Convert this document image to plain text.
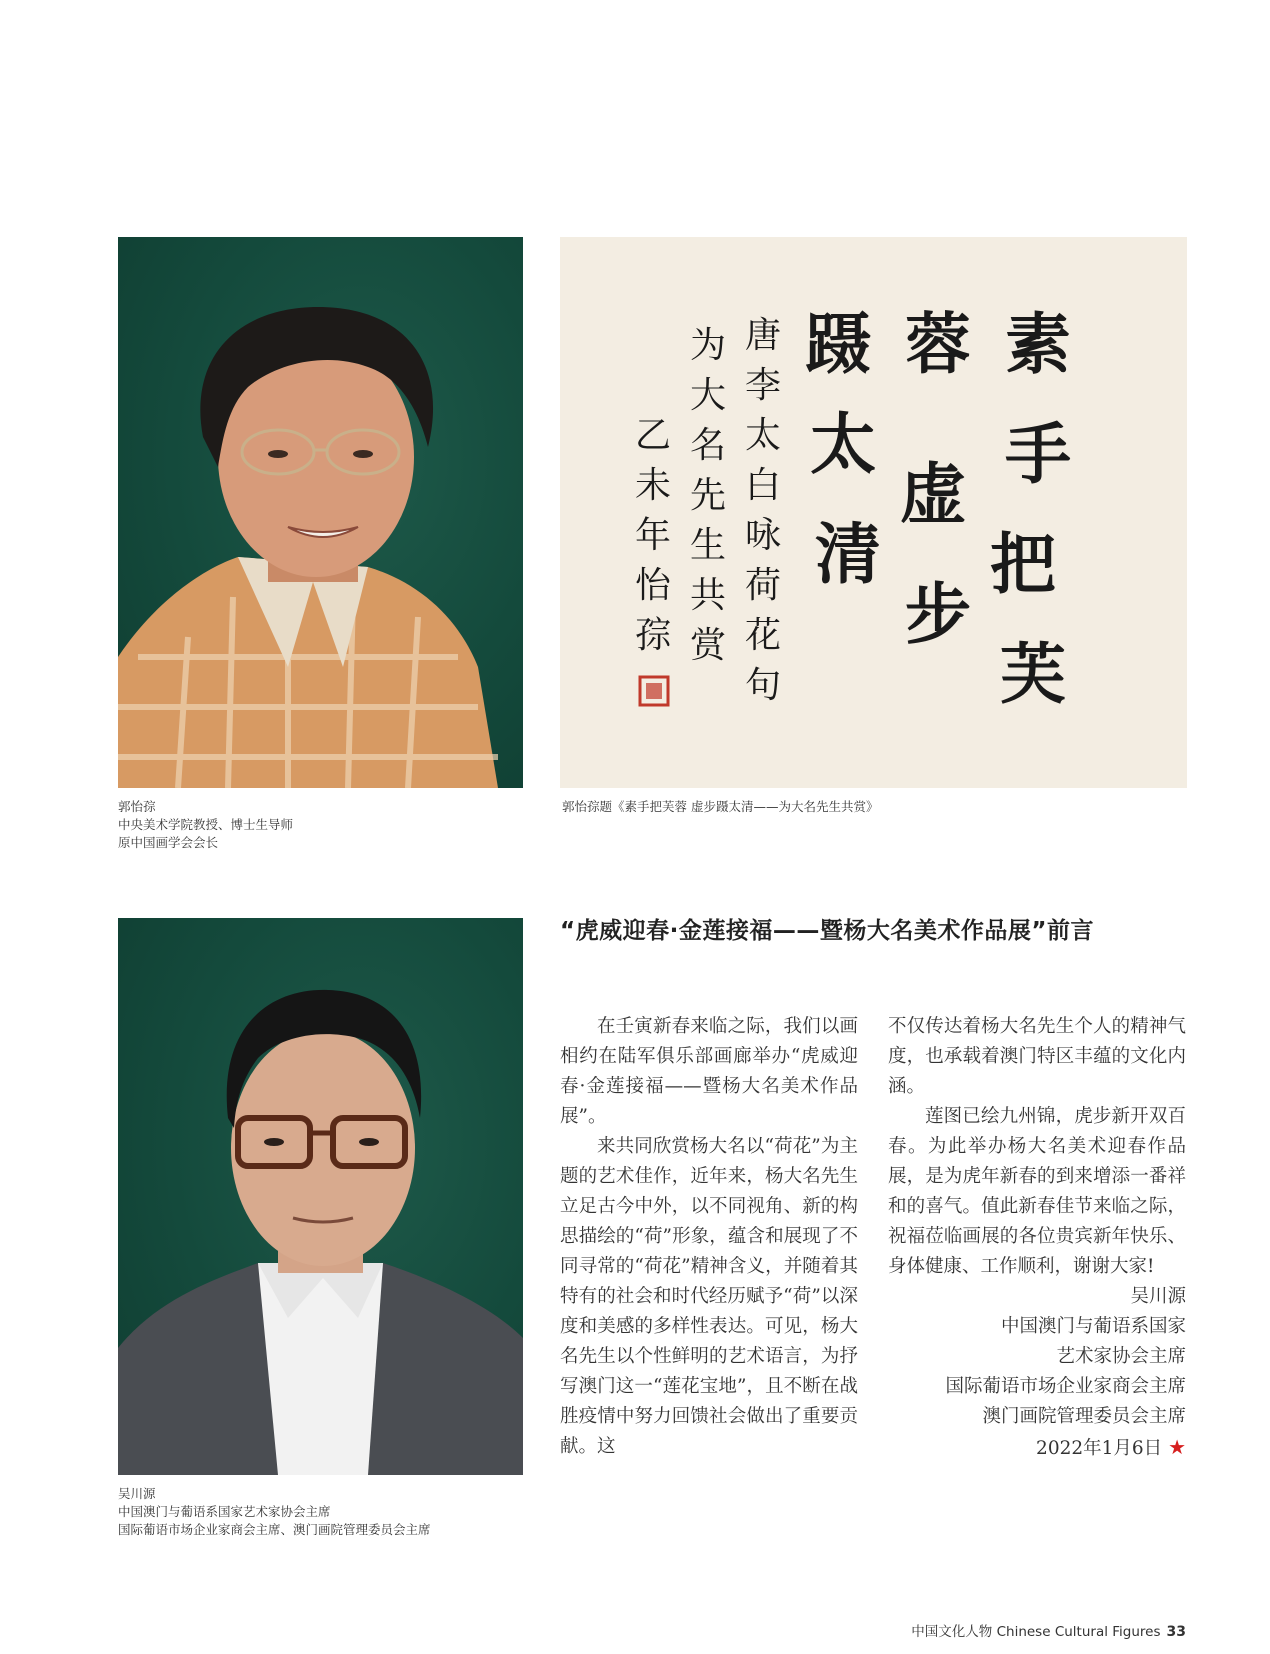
郭怡孮
中央美术学院教授、博士生导师
原中国画学会会长
素 手 把 芙 蓉 虚 步 蹑 太 清
唐 李 太 白 咏 荷 花 句 为 大 名 先 生 共 赏 乙 未 年 怡 孮
郭怡孮题《素手把芙蓉 虚步蹑太清——为大名先生共赏》
吴川源
中国澳门与葡语系国家艺术家协会主席
国际葡语市场企业家商会主席、澳门画院管理委员会主席
“虎威迎春·金莲接福——暨杨大名美术作品展”前言

在壬寅新春来临之际，我们以画相约在陆军俱乐部画廊举办“虎威迎春·金莲接福——暨杨大名美术作品展”。

来共同欣赏杨大名以“荷花”为主题的艺术佳作，近年来，杨大名先生立足古今中外，以不同视角、新的构思描绘的“荷”形象，蕴含和展现了不同寻常的“荷花”精神含义，并随着其特有的社会和时代经历赋予“荷”以深度和美感的多样性表达。可见，杨大名先生以个性鲜明的艺术语言，为抒写澳门这一“莲花宝地”，且不断在战胜疫情中努力回馈社会做出了重要贡献。这

不仅传达着杨大名先生个人的精神气度，也承载着澳门特区丰蕴的文化内涵。

莲图已绘九州锦，虎步新开双百春。为此举办杨大名美术迎春作品展，是为虎年新春的到来增添一番祥和的喜气。值此新春佳节来临之际，祝福莅临画展的各位贵宾新年快乐、身体健康、工作顺利，谢谢大家!

吴川源

中国澳门与葡语系国家

艺术家协会主席

国际葡语市场企业家商会主席

澳门画院管理委员会主席

2022年1月6日 ★

中国文化人物 Chinese Cultural Figures 33
